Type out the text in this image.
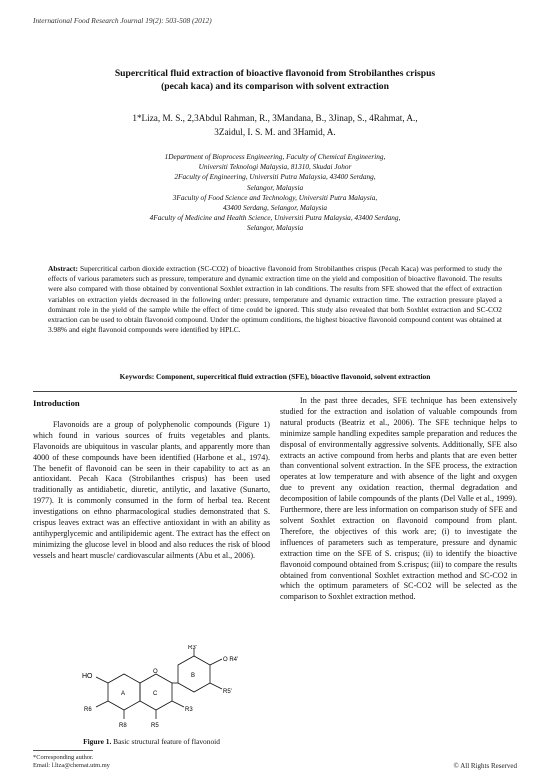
International Food Research Journal 19(2): 503-508 (2012)
Supercritical fluid extraction of bioactive flavonoid from Strobilanthes crispus
(pecah kaca) and its comparison with solvent extraction
1*Liza, M. S., 2,3Abdul Rahman, R., 3Mandana, B., 3Jinap, S., 4Rahmat, A.,
3Zaidul, I. S. M. and 3Hamid, A.
1Department of Bioprocess Engineering, Faculty of Chemical Engineering,
Universiti Teknologi Malaysia, 81310, Skudai Johor
2Faculty of Engineering, Universiti Putra Malaysia, 43400 Serdang,
Selangor, Malaysia
3Faculty of Food Science and Technology, Universiti Putra Malaysia,
43400 Serdang, Selangor, Malaysia
4Faculty of Medicine and Health Science, Universiti Putra Malaysia, 43400 Serdang,
Selangor, Malaysia
Abstract: Supercritical carbon dioxide extraction (SC-CO2) of bioactive flavonoid from Strobilanthes crispus (Pecah Kaca) was performed to study the effects of various parameters such as pressure, temperature and dynamic extraction time on the yield and composition of bioactive flavonoid. The results were also compared with those obtained by conventional Soxhlet extraction in lab conditions. The results from SFE showed that the effect of extraction variables on extraction yields decreased in the following order: pressure, temperature and dynamic extraction time. The extraction pressure played a dominant role in the yield of the sample while the effect of time could be ignored. This study also revealed that both Soxhlet extraction and SC-CO2 extraction can be used to obtain flavonoid compound. Under the optimum conditions, the highest bioactive flavonoid compound content was obtained at 3.98% and eight flavonoid compounds were identified by HPLC.
Keywords: Component, supercritical fluid extraction (SFE), bioactive flavonoid, solvent extraction
Introduction

Flavonoids are a group of polyphenolic compounds (Figure 1) which found in various sources of fruits vegetables and plants. Flavonoids are ubiquitous in vascular plants, and apparently more than 4000 of these compounds have been identified (Harbone et al., 1974). The benefit of flavonoid can be seen in their capability to act as an antioxidant. Pecah Kaca (Strobilanthes crispus) has been used traditionally as antidiabetic, diuretic, antilytic, and laxative (Sunarto, 1977). It is commonly consumed in the form of herbal tea. Recent investigations on ethno pharmacological studies demonstrated that S. crispus leaves extract was an effective antioxidant in with an ability as antihyperglycemic and antilipidemic agent. The extract has the effect on minimizing the glucose level in blood and also reduces the risk of blood vessels and heart muscle/ cardiovascular ailments (Abu et al., 2006).

In the past three decades, SFE technique has been extensively studied for the extraction and isolation of valuable compounds from natural products (Beatriz et al., 2006). The SFE technique helps to minimize sample handling expedites sample preparation and reduces the disposal of environmentally aggressive solvents. Additionally, SFE also extracts an active compound from herbs and plants that are even better than conventional solvent extraction. In the SFE process, the extraction operates at low temperature and with absence of the light and oxygen due to prevent any oxidation reaction, thermal degradation and decomposition of labile compounds of the plants (Del Valle et al., 1999). Furthermore, there are less information on comparison study of SFE and solvent Soxhlet extraction on flavonoid compound from plant. Therefore, the objectives of this work are; (i) to investigate the influences of parameters such as temperature, pressure and dynamic extraction time on the SFE of S. crispus; (ii) to identify the bioactive flavonoid compound obtained from S.crispus; (iii) to compare the results obtained from conventional Soxhlet extraction method and SC-CO2 in which the optimum parameters of SC-CO2 will be selected as the comparison to Soxhlet extraction method.

HO
R3'
O R4'
R5'
R3
R6
R8	R5
A	C
B
O
Figure 1. Basic structural feature of flavonoid
*Corresponding author.
Email: l.liza@chemat.utm.my	© All Rights Reserved
